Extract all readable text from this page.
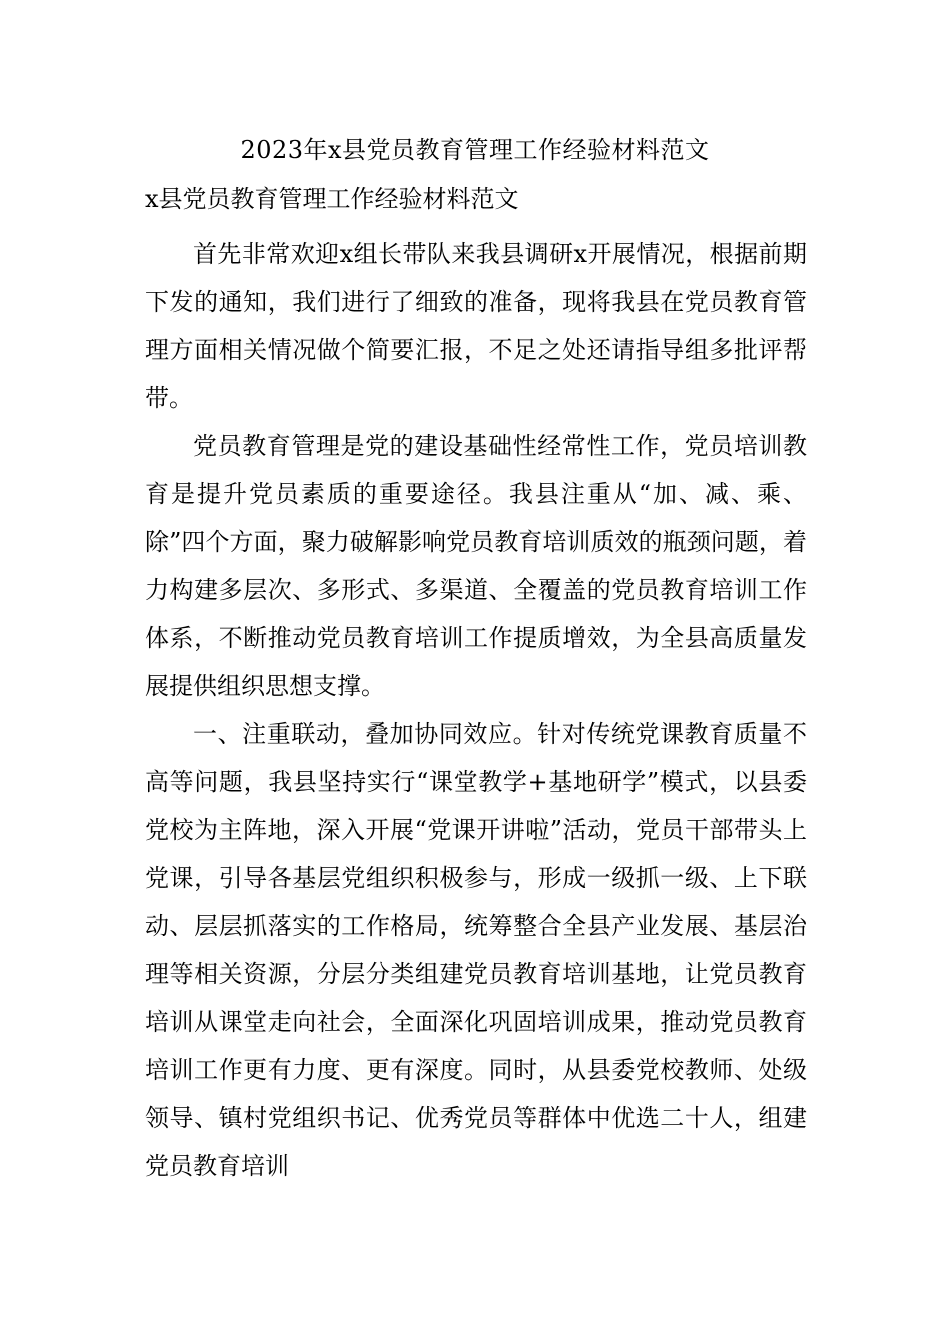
2023年x县党员教育管理工作经验材料范文
x县党员教育管理工作经验材料范文

首先非常欢迎x组长带队来我县调研x开展情况，根据前期下发的通知，我们进行了细致的准备，现将我县在党员教育管理方面相关情况做个简要汇报，不足之处还请指导组多批评帮带。

党员教育管理是党的建设基础性经常性工作，党员培训教育是提升党员素质的重要途径。我县注重从“加、减、乘、除”四个方面，聚力破解影响党员教育培训质效的瓶颈问题，着力构建多层次、多形式、多渠道、全覆盖的党员教育培训工作体系，不断推动党员教育培训工作提质增效，为全县高质量发展提供组织思想支撑。

一、注重联动，叠加协同效应。针对传统党课教育质量不高等问题，我县坚持实行“课堂教学+基地研学”模式，以县委党校为主阵地，深入开展“党课开讲啦”活动，党员干部带头上党课，引导各基层党组织积极参与，形成一级抓一级、上下联动、层层抓落实的工作格局，统筹整合全县产业发展、基层治理等相关资源，分层分类组建党员教育培训基地，让党员教育培训从课堂走向社会，全面深化巩固培训成果，推动党员教育培训工作更有力度、更有深度。同时，从县委党校教师、处级领导、镇村党组织书记、优秀党员等群体中优选二十人，组建党员教育培训
